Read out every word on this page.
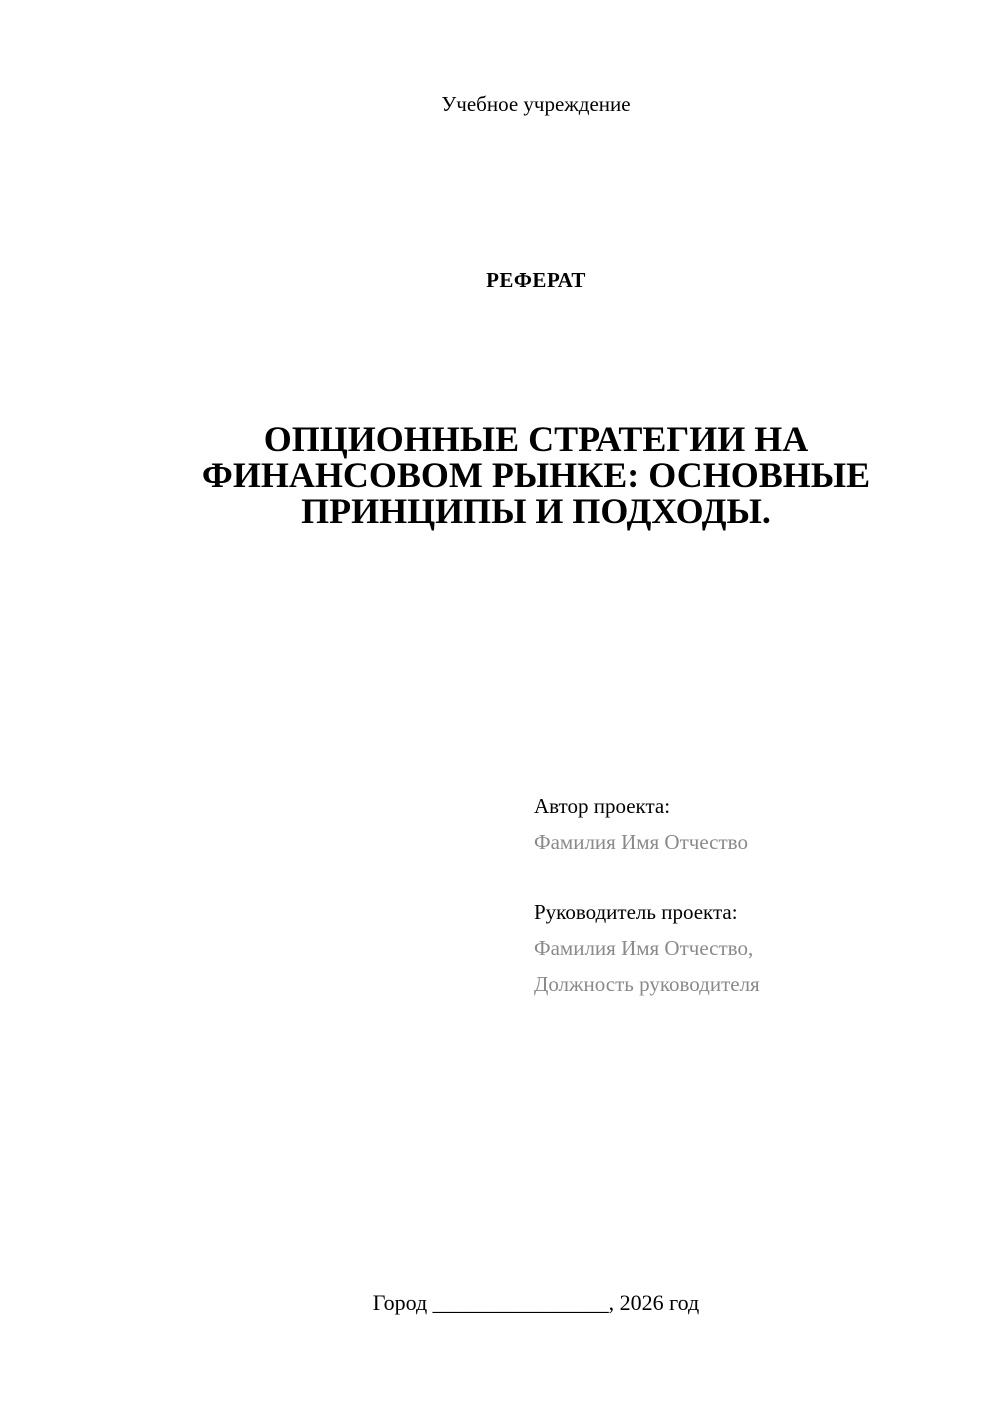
Учебное учреждение
РЕФЕРАТ
ОПЦИОННЫЕ СТРАТЕГИИ НА
ФИНАНСОВОМ РЫНКЕ: ОСНОВНЫЕ
ПРИНЦИПЫ И ПОДХОДЫ.
Автор проекта:
Фамилия Имя Отчество
Руководитель проекта:
Фамилия Имя Отчество,
Должность руководителя
Город ________________, 2026 год
